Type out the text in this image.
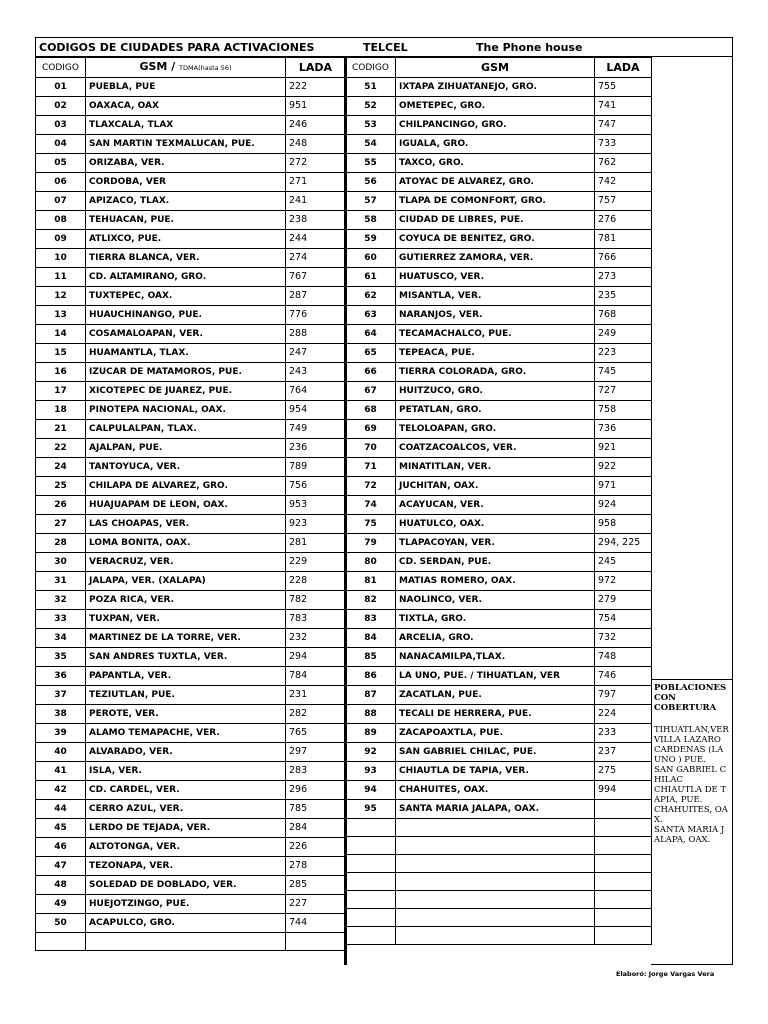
CODIGOS DE CIUDADES PARA ACTIVACIONES	TELCEL	The Phone house
CODIGO	GSM / TDMA(hasta 56)	LADA
01	PUEBLA, PUE	222
02	OAXACA, OAX	951
03	TLAXCALA, TLAX	246
04	SAN MARTIN TEXMALUCAN, PUE.	248
05	ORIZABA, VER.	272
06	CORDOBA, VER	271
07	APIZACO, TLAX.	241
08	TEHUACAN, PUE.	238
09	ATLIXCO, PUE.	244
10	TIERRA BLANCA, VER.	274
11	CD. ALTAMIRANO, GRO.	767
12	TUXTEPEC, OAX.	287
13	HUAUCHINANGO, PUE.	776
14	COSAMALOAPAN, VER.	288
15	HUAMANTLA, TLAX.	247
16	IZUCAR DE MATAMOROS, PUE.	243
17	XICOTEPEC DE JUAREZ, PUE.	764
18	PINOTEPA NACIONAL, OAX.	954
21	CALPULALPAN, TLAX.	749
22	AJALPAN, PUE.	236
24	TANTOYUCA, VER.	789
25	CHILAPA DE ALVAREZ, GRO.	756
26	HUAJUAPAM DE LEON, OAX.	953
27	LAS CHOAPAS, VER.	923
28	LOMA BONITA, OAX.	281
30	VERACRUZ, VER.	229
31	JALAPA, VER. (XALAPA)	228
32	POZA RICA, VER.	782
33	TUXPAN, VER.	783
34	MARTINEZ DE LA TORRE, VER.	232
35	SAN ANDRES TUXTLA, VER.	294
36	PAPANTLA, VER.	784
37	TEZIUTLAN, PUE.	231
38	PEROTE, VER.	282
39	ALAMO TEMAPACHE, VER.	765
40	ALVARADO, VER.	297
41	ISLA, VER.	283
42	CD. CARDEL, VER.	296
44	CERRO AZUL, VER.	785
45	LERDO DE TEJADA, VER.	284
46	ALTOTONGA, VER.	226
47	TEZONAPA, VER.	278
48	SOLEDAD DE DOBLADO, VER.	285
49	HUEJOTZINGO, PUE.	227
50	ACAPULCO, GRO.	744

CODIGO	GSM	LADA
51	IXTAPA ZIHUATANEJO, GRO.	755
52	OMETEPEC, GRO.	741
53	CHILPANCINGO, GRO.	747
54	IGUALA, GRO.	733
55	TAXCO, GRO.	762
56	ATOYAC DE ALVAREZ, GRO.	742
57	TLAPA DE COMONFORT, GRO.	757
58	CIUDAD DE LIBRES, PUE.	276
59	COYUCA DE BENITEZ, GRO.	781
60	GUTIERREZ ZAMORA, VER.	766
61	HUATUSCO, VER.	273
62	MISANTLA, VER.	235
63	NARANJOS, VER.	768
64	TECAMACHALCO, PUE.	249
65	TEPEACA, PUE.	223
66	TIERRA COLORADA, GRO.	745
67	HUITZUCO, GRO.	727
68	PETATLAN, GRO.	758
69	TELOLOAPAN, GRO.	736
70	COATZACOALCOS, VER.	921
71	MINATITLAN, VER.	922
72	JUCHITAN, OAX.	971
74	ACAYUCAN, VER.	924
75	HUATULCO, OAX.	958
79	TLAPACOYAN, VER.	294, 225
80	CD. SERDAN, PUE.	245
81	MATIAS ROMERO, OAX.	972
82	NAOLINCO, VER.	279
83	TIXTLA, GRO.	754
84	ARCELIA, GRO.	732
85	NANACAMILPA,TLAX.	748
86	LA UNO, PUE. / TIHUATLAN, VER	746
87	ZACATLAN, PUE.	797
88	TECALI DE HERRERA, PUE.	224
89	ZACAPOAXTLA, PUE.	233
92	SAN GABRIEL CHILAC, PUE.	237
93	CHIAUTLA DE TAPIA, VER.	275
94	CHAHUITES, OAX.	994
95	SANTA MARIA JALAPA, OAX.	

POBLACIONES CON COBERTURA
TIHUATLAN,VER
VILLA LAZARO CARDENAS (LA UNO ) PUE.
SAN GABRIEL CHILAC
CHIAUTLA DE TAPIA, PUE.
CHAHUITES, OAX.
SANTA MARIA JALAPA, OAX.
Elaboró: Jorge Vargas Vera
